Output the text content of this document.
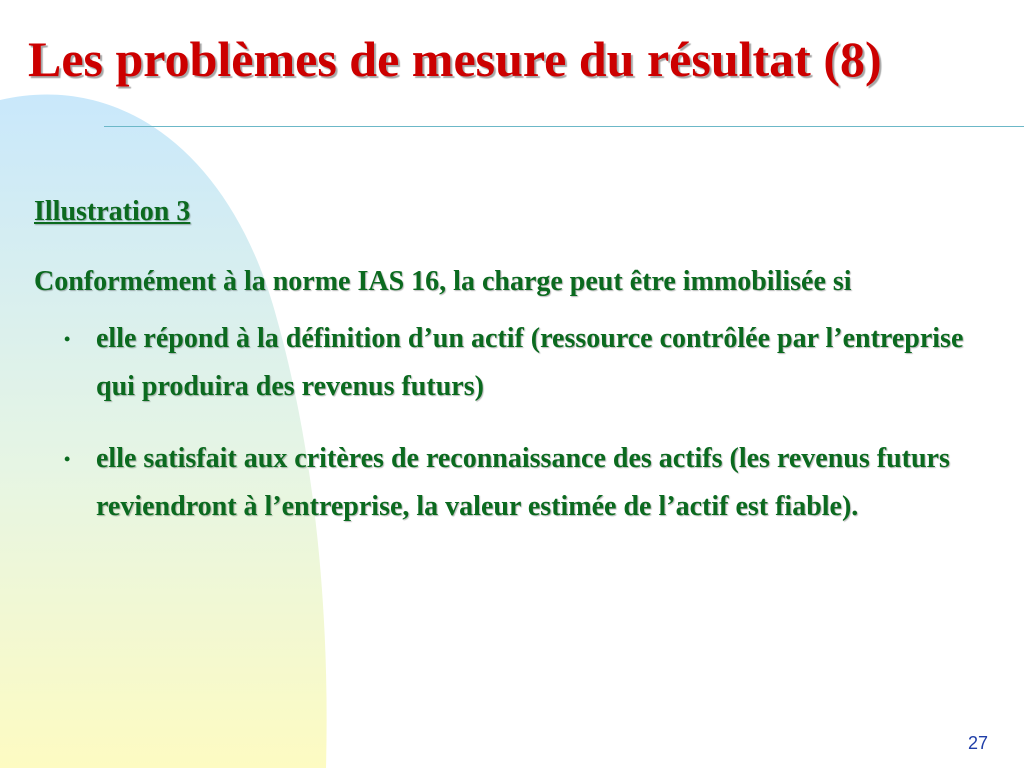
Les problèmes de mesure du résultat (8)
Illustration 3

Conformément à la norme IAS 16, la charge peut être immobilisée si

• elle répond à la définition d’un actif (ressource contrôlée par l’entreprise qui produira des revenus futurs)
• elle satisfait aux critères de reconnaissance des actifs (les revenus futurs reviendront à l’entreprise, la valeur estimée de l’actif est fiable).
27
